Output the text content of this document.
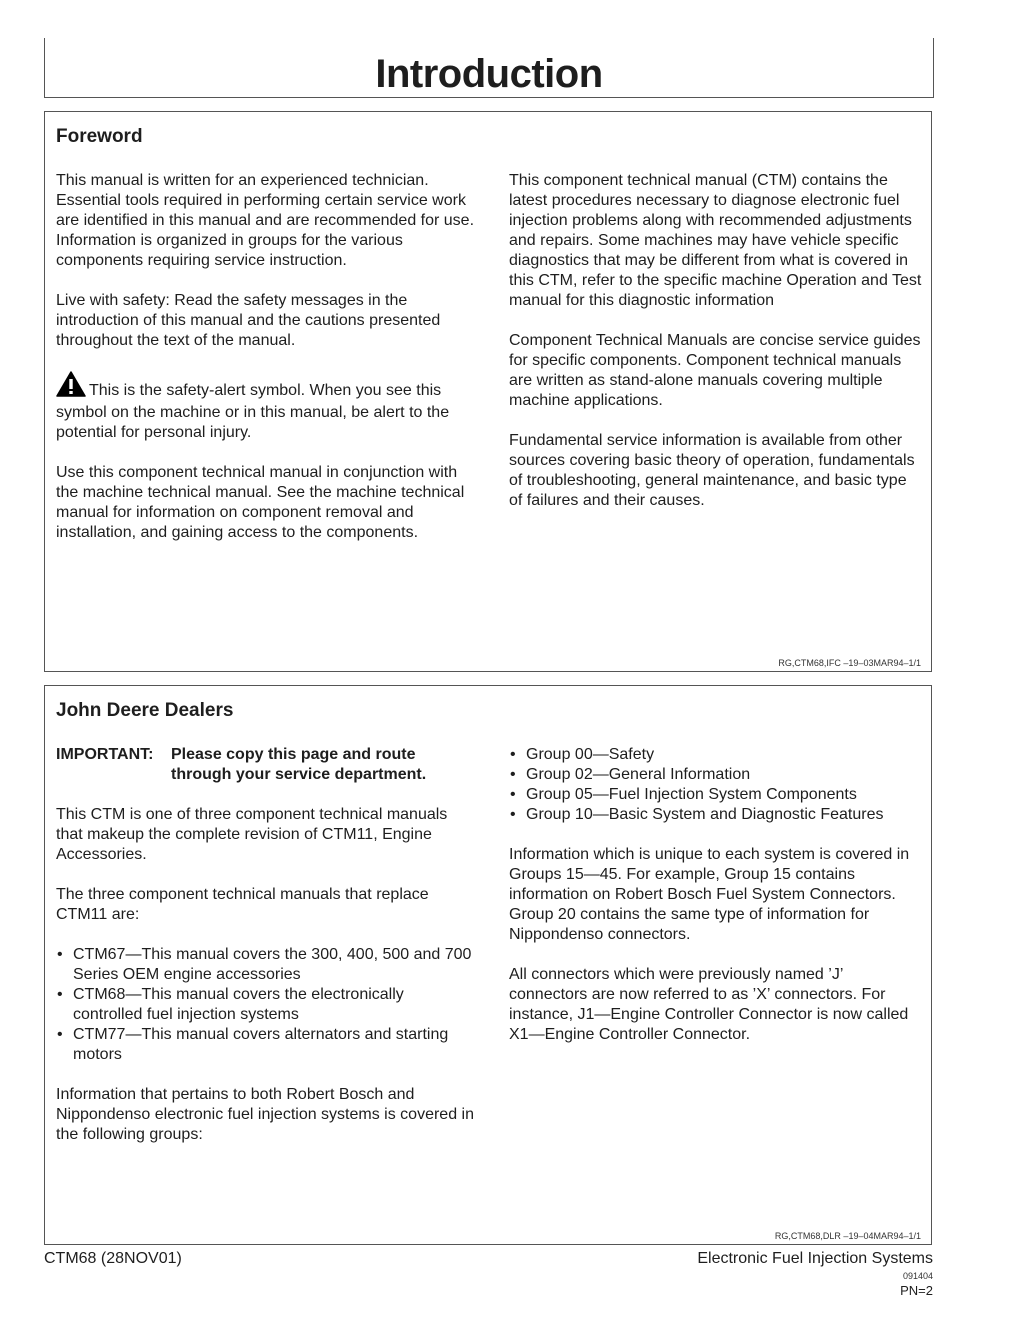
Introduction
Foreword

This manual is written for an experienced technician. Essential tools required in performing certain service work are identified in this manual and are recommended for use. Information is organized in groups for the various components requiring service instruction.

Live with safety: Read the safety messages in the introduction of this manual and the cautions presented throughout the text of the manual.

This is the safety-alert symbol. When you see this symbol on the machine or in this manual, be alert to the potential for personal injury.

Use this component technical manual in conjunction with the machine technical manual. See the machine technical manual for information on component removal and installation, and gaining access to the components.

This component technical manual (CTM) contains the latest procedures necessary to diagnose electronic fuel injection problems along with recommended adjustments and repairs. Some machines may have vehicle specific diagnostics that may be different from what is covered in this CTM, refer to the specific machine Operation and Test manual for this diagnostic information

Component Technical Manuals are concise service guides for specific components. Component technical manuals are written as stand-alone manuals covering multiple machine applications.

Fundamental service information is available from other sources covering basic theory of operation, fundamentals of troubleshooting, general maintenance, and basic type of failures and their causes.

RG,CTM68,IFC –19–03MAR94–1/1
John Deere Dealers
IMPORTANT:	Please copy this page and route through your service department.

This CTM is one of three component technical manuals that makeup the complete revision of CTM11, Engine Accessories.

The three component technical manuals that replace CTM11 are:

• CTM67—This manual covers the 300, 400, 500 and 700 Series OEM engine accessories
• CTM68—This manual covers the electronically controlled fuel injection systems
• CTM77—This manual covers alternators and starting motors

Information that pertains to both Robert Bosch and Nippondenso electronic fuel injection systems is covered in the following groups:

• Group 00—Safety
• Group 02—General Information
• Group 05—Fuel Injection System Components
• Group 10—Basic System and Diagnostic Features

Information which is unique to each system is covered in Groups 15—45. For example, Group 15 contains information on Robert Bosch Fuel System Connectors. Group 20 contains the same type of information for Nippondenso connectors.

All connectors which were previously named ’J’ connectors are now referred to as ’X’ connectors. For instance, J1—Engine Controller Connector is now called X1—Engine Controller Connector.

RG,CTM68,DLR –19–04MAR94–1/1
CTM68 (28NOV01)	Electronic Fuel Injection Systems
091404
PN=2
